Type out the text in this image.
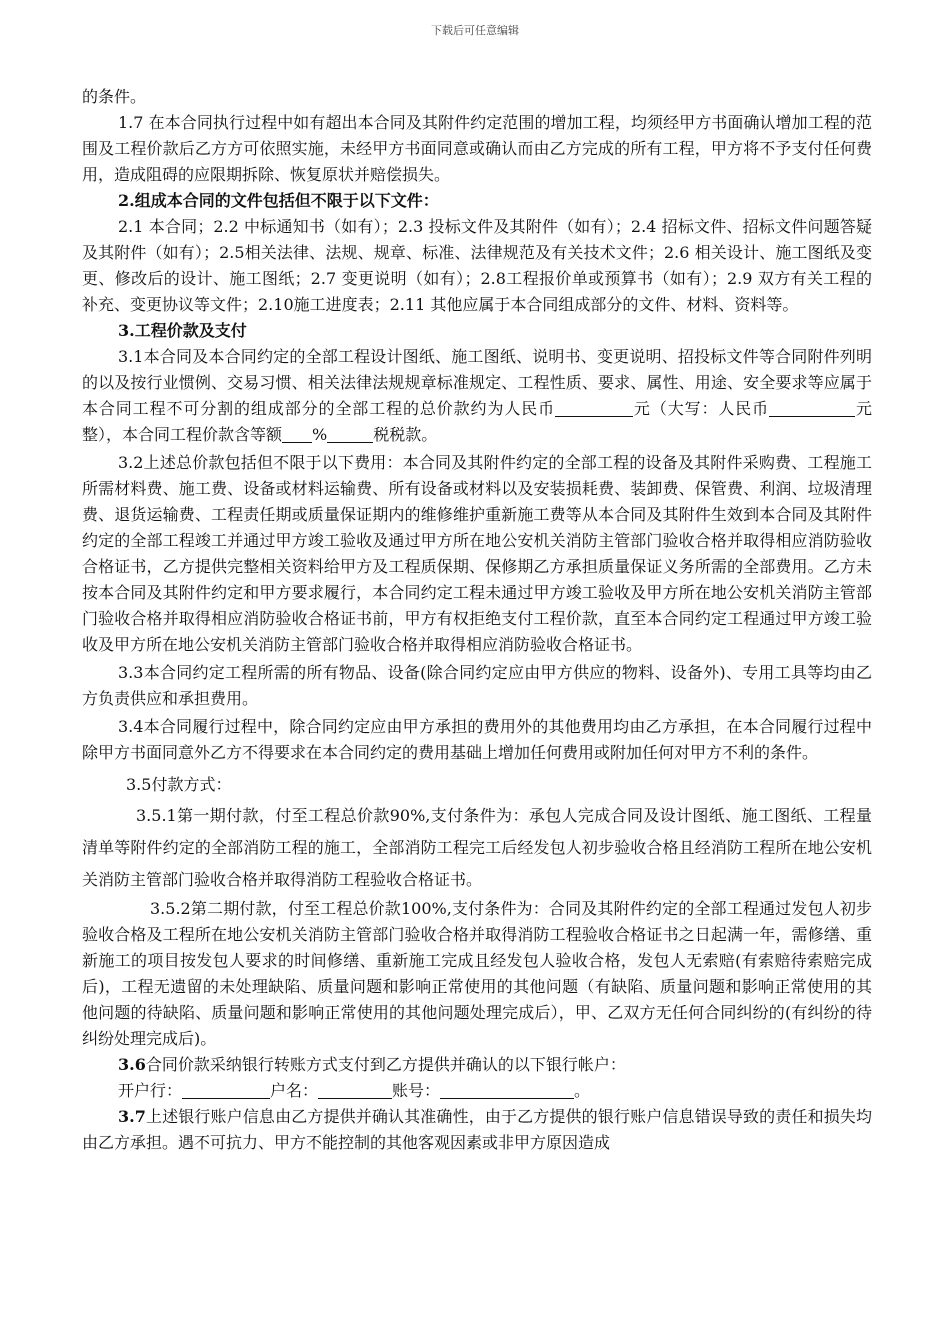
下载后可任意编辑

的条件。

1.7 在本合同执行过程中如有超出本合同及其附件约定范围的增加工程，均须经甲方书面确认增加工程的范围及工程价款后乙方方可依照实施，未经甲方书面同意或确认而由乙方完成的所有工程，甲方将不予支付任何费用，造成阻碍的应限期拆除、恢复原状并赔偿损失。

2.组成本合同的文件包括但不限于以下文件：

2.1 本合同；2.2 中标通知书（如有）；2.3 投标文件及其附件（如有）；2.4 招标文件、招标文件问题答疑及其附件（如有）；2.5相关法律、法规、规章、标准、法律规范及有关技术文件；2.6 相关设计、施工图纸及变更、修改后的设计、施工图纸；2.7 变更说明（如有）；2.8工程报价单或预算书（如有）；2.9 双方有关工程的补充、变更协议等文件；2.10施工进度表；2.11 其他应属于本合同组成部分的文件、材料、资料等。

3.工程价款及支付

3.1本合同及本合同约定的全部工程设计图纸、施工图纸、说明书、变更说明、招投标文件等合同附件列明的以及按行业惯例、交易习惯、相关法律法规规章标准规定、工程性质、要求、属性、用途、安全要求等应属于本合同工程不可分割的组成部分的全部工程的总价款约为人民币	元（大写：人民币	元整），本合同工程价款含等额 %	税税款。

3.2上述总价款包括但不限于以下费用：本合同及其附件约定的全部工程的设备及其附件采购费、工程施工所需材料费、施工费、设备或材料运输费、所有设备或材料以及安装损耗费、装卸费、保管费、利润、垃圾清理费、退货运输费、工程责任期或质量保证期内的维修维护重新施工费等从本合同及其附件生效到本合同及其附件约定的全部工程竣工并通过甲方竣工验收及通过甲方所在地公安机关消防主管部门验收合格并取得相应消防验收合格证书，乙方提供完整相关资料给甲方及工程质保期、保修期乙方承担质量保证义务所需的全部费用。乙方未按本合同及其附件约定和甲方要求履行，本合同约定工程未通过甲方竣工验收及甲方所在地公安机关消防主管部门验收合格并取得相应消防验收合格证书前，甲方有权拒绝支付工程价款，直至本合同约定工程通过甲方竣工验收及甲方所在地公安机关消防主管部门验收合格并取得相应消防验收合格证书。

3.3本合同约定工程所需的所有物品、设备(除合同约定应由甲方供应的物料、设备外)、专用工具等均由乙方负责供应和承担费用。

3.4本合同履行过程中，除合同约定应由甲方承担的费用外的其他费用均由乙方承担，在本合同履行过程中除甲方书面同意外乙方不得要求在本合同约定的费用基础上增加任何费用或附加任何对甲方不利的条件。

3.5付款方式：

3.5.1第一期付款，付至工程总价款90%,支付条件为：承包人完成合同及设计图纸、施工图纸、工程量清单等附件约定的全部消防工程的施工，全部消防工程完工后经发包人初步验收合格且经消防工程所在地公安机关消防主管部门验收合格并取得消防工程验收合格证书。

3.5.2第二期付款，付至工程总价款100%,支付条件为：合同及其附件约定的全部工程通过发包人初步验收合格及工程所在地公安机关消防主管部门验收合格并取得消防工程验收合格证书之日起满一年，需修缮、重新施工的项目按发包人要求的时间修缮、重新施工完成且经发包人验收合格，发包人无索赔(有索赔待索赔完成后)，工程无遗留的未处理缺陷、质量问题和影响正常使用的其他问题（有缺陷、质量问题和影响正常使用的其他问题的待缺陷、质量问题和影响正常使用的其他问题处理完成后），甲、乙双方无任何合同纠纷的(有纠纷的待纠纷处理完成后)。

3.6合同价款采纳银行转账方式支付到乙方提供并确认的以下银行帐户：

开户行：	户名：	账号：	。

3.7上述银行账户信息由乙方提供并确认其准确性，由于乙方提供的银行账户信息错误导致的责任和损失均由乙方承担。遇不可抗力、甲方不能控制的其他客观因素或非甲方原因造成
